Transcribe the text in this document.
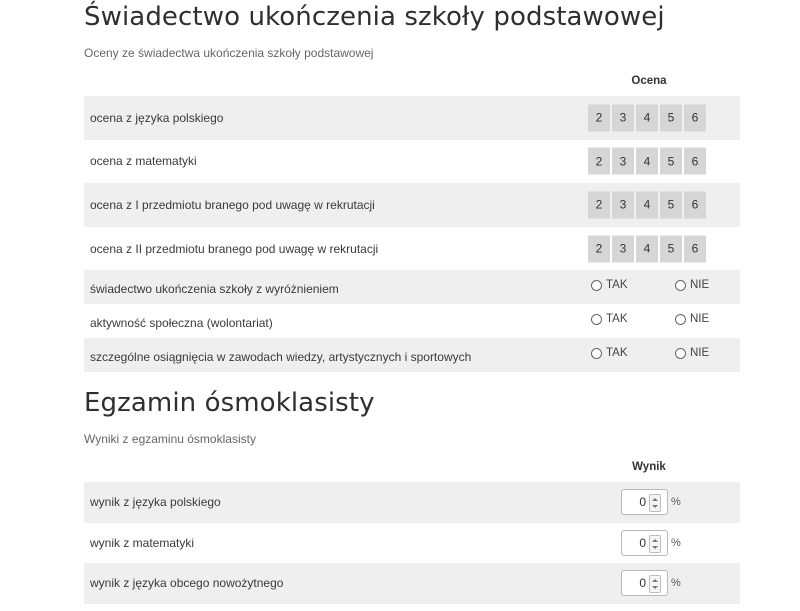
Świadectwo ukończenia szkoły podstawowej

Oceny ze świadectwa ukończenia szkoły podstawowej

Ocena
ocena z języka polskiego	2	3	4	5	6
ocena z matematyki	2	3	4	5	6
ocena z I przedmiotu branego pod uwagę w rekrutacji	2	3	4	5	6
ocena z II przedmiotu branego pod uwagę w rekrutacji	2	3	4	5	6
świadectwo ukończenia szkoły z wyróżnieniem	TAK	NIE
aktywność społeczna (wolontariat)	TAK	NIE
szczególne osiągnięcia w zawodach wiedzy, artystycznych i sportowych	TAK	NIE
Egzamin ósmoklasisty

Wyniki z egzaminu ósmoklasisty

Wynik
wynik z języka polskiego	0 %
wynik z matematyki	0 %
wynik z języka obcego nowożytnego	0 %
